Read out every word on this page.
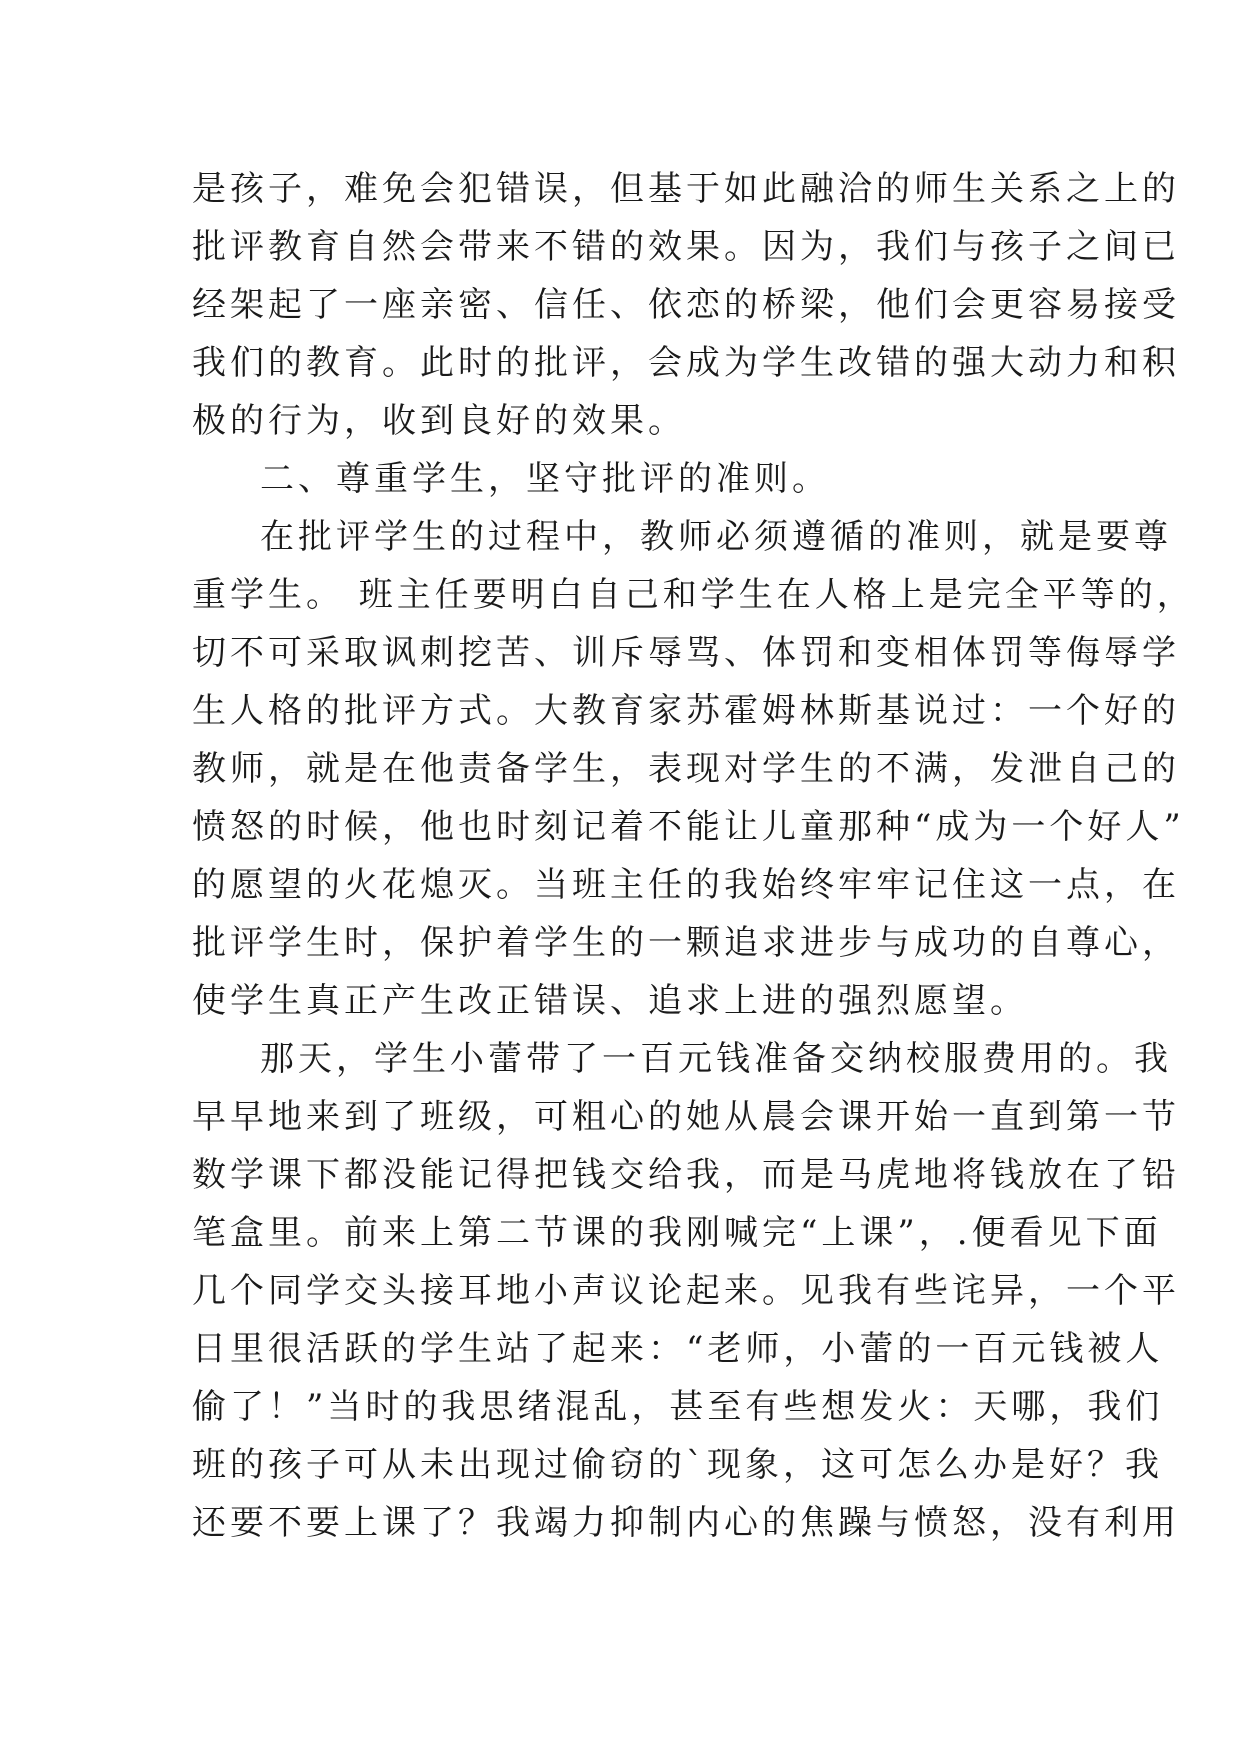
是孩子，难免会犯错误，但基于如此融洽的师生关系之上的
批评教育自然会带来不错的效果。因为，我们与孩子之间已
经架起了一座亲密、信任、依恋的桥梁，他们会更容易接受
我们的教育。此时的批评，会成为学生改错的强大动力和积
极的行为，收到良好的效果。
二、尊重学生，坚守批评的准则。
在批评学生的过程中，教师必须遵循的准则，就是要尊
重学生。 班主任要明白自己和学生在人格上是完全平等的，
切不可采取讽刺挖苦、训斥辱骂、体罚和变相体罚等侮辱学
生人格的批评方式。大教育家苏霍姆林斯基说过：一个好的
教师，就是在他责备学生，表现对学生的不满，发泄自己的
愤怒的时候，他也时刻记着不能让儿童那种“成为一个好人”
的愿望的火花熄灭。当班主任的我始终牢牢记住这一点，在
批评学生时，保护着学生的一颗追求进步与成功的自尊心，
使学生真正产生改正错误、追求上进的强烈愿望。
那天，学生小蕾带了一百元钱准备交纳校服费用的。我
早早地来到了班级，可粗心的她从晨会课开始一直到第一节
数学课下都没能记得把钱交给我，而是马虎地将钱放在了铅
笔盒里。前来上第二节课的我刚喊完“上课”，.便看见下面
几个同学交头接耳地小声议论起来。见我有些诧异，一个平
日里很活跃的学生站了起来：“老师，小蕾的一百元钱被人
偷了！”当时的我思绪混乱，甚至有些想发火：天哪，我们
班的孩子可从未出现过偷窃的`现象，这可怎么办是好？我
还要不要上课了？我竭力抑制内心的焦躁与愤怒，没有利用
